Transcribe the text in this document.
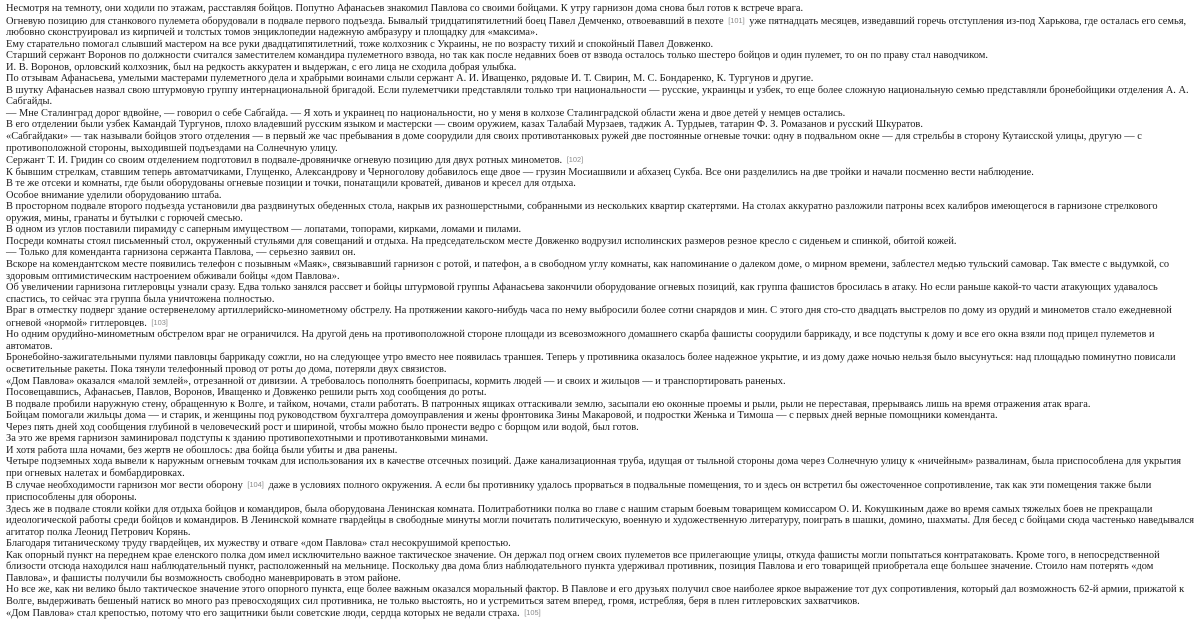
Несмотря на темноту, они ходили по этажам, расставляя бойцов. Попутно Афанасьев знакомил Павлова со своими бойцами. К утру гарнизон дома снова был готов к встрече врага.
Огневую позицию для станкового пулемета оборудовали в подвале первого подъезда. Бывалый тридцатипятилетний боец Павел Демченко, отвоевавший в пехоте [101] уже пятнадцать месяцев, изведавший горечь отступления из-под Харькова, где осталась его семья, любовно сконструировал из кирпичей и толстых томов энциклопедии надежную амбразуру и площадку для «максима».
Ему старательно помогал слывший мастером на все руки двадцатипятилетний, тоже колхозник с Украины, не по возрасту тихий и спокойный Павел Довженко.
Старший сержант Воронов по должности считался заместителем командира пулеметного взвода, но так как после недавних боев от взвода осталось только шестеро бойцов и один пулемет, то он по праву стал наводчиком.
И. В. Воронов, орловский колхозник, был на редкость аккуратен и выдержан, с его лица не сходила добрая улыбка.
По отзывам Афанасьева, умелыми мастерами пулеметного дела и храбрыми воинами слыли сержант А. И. Иващенко, рядовые И. Т. Свирин, М. С. Бондаренко, К. Тургунов и другие.
В шутку Афанасьев назвал свою штурмовую группу интернациональной бригадой. Если пулеметчики представляли только три национальности — русские, украинцы и узбек, то еще более сложную национальную семью представляли бронебойщики отделения А. А. Сабгайды.
— Мне Сталинград дорог вдвойне, — говорил о себе Сабгайда. — Я хоть и украинец по национальности, но у меня в колхозе Сталинградской области жена и двое детей у немцев остались.
В его отделении были узбек Камандай Тургунов, плохо владевший русским языком и мастерски — своим оружием, казах Талабай Мурзаев, таджик А. Турдыев, татарин Ф. З. Ромазанов и русский Шкуратов.
«Сабгайдаки» — так называли бойцов этого отделения — в первый же час пребывания в доме соорудили для своих противотанковых ружей две постоянные огневые точки: одну в подвальном окне — для стрельбы в сторону Кутаисской улицы, другую — с противоположной стороны, выходившей подъездами на Солнечную улицу.
Сержант Т. И. Гридин со своим отделением подготовил в подвале-дровяничке огневую позицию для двух ротных минометов. [102]
К бывшим стрелкам, ставшим теперь автоматчиками, Глущенко, Александрову и Черноголову добавилось еще двое — грузин Мосиашвили и абхазец Сукба. Все они разделились на две тройки и начали посменно вести наблюдение.
В те же отсеки и комнаты, где были оборудованы огневые позиции и точки, понатащили кроватей, диванов и кресел для отдыха.
Особое внимание уделили оборудованию штаба.
В просторном подвале второго подъезда установили два раздвинутых обеденных стола, накрыв их разношерстными, собранными из нескольких квартир скатертями. На столах аккуратно разложили патроны всех калибров имеющегося в гарнизоне стрелкового оружия, мины, гранаты и бутылки с горючей смесью.
В одном из углов поставили пирамиду с саперным имуществом — лопатами, топорами, кирками, ломами и пилами.
Посреди комнаты стоял письменный стол, окруженный стульями для совещаний и отдыха. На председательском месте Довженко водрузил исполинских размеров резное кресло с сиденьем и спинкой, обитой кожей.
— Только для коменданта гарнизона сержанта Павлова, — серьезно заявил он.
Вскоре на комендантском месте появились телефон с позывным «Маяк», связывавший гарнизон с ротой, и патефон, а в свободном углу комнаты, как напоминание о далеком доме, о мирном времени, заблестел медью тульский самовар. Так вместе с выдумкой, со здоровым оптимистическим настроением обживали бойцы «дом Павлова».
Об увеличении гарнизона гитлеровцы узнали сразу. Едва только занялся рассвет и бойцы штурмовой группы Афанасьева закончили оборудование огневых позиций, как группа фашистов бросилась в атаку. Но если раньше какой-то части атакующих удавалось спастись, то сейчас эта группа была уничтожена полностью.
Враг в отместку подверг здание остервенелому артиллерийско-минометному обстрелу. На протяжении какого-нибудь часа по нему выбросили более сотни снарядов и мин. С этого дня сто-сто двадцать выстрелов по дому из орудий и минометов стало ежедневной огневой «нормой» гитлеровцев. [103]
Но одним орудийно-минометным обстрелом враг не ограничился. На другой день на противоположной стороне площади из всевозможного домашнего скарба фашисты соорудили баррикаду, и все подступы к дому и все его окна взяли под прицел пулеметов и автоматов.
Бронебойно-зажигательными пулями павловцы баррикаду сожгли, но на следующее утро вместо нее появилась траншея. Теперь у противника оказалось более надежное укрытие, и из дому даже ночью нельзя было высунуться: над площадью поминутно повисали осветительные ракеты. Пока тянули телефонный провод от роты до дома, потеряли двух связистов.
«Дом Павлова» оказался «малой землей», отрезанной от дивизии. А требовалось пополнять боеприпасы, кормить людей — и своих и жильцов — и транспортировать раненых.
Посовещавшись, Афанасьев, Павлов, Воронов, Иващенко и Довженко решили рыть ход сообщения до роты.
В подвале пробили наружную стену, обращенную к Волге, и тайком, ночами, стали работать. В патронных ящиках оттаскивали землю, засыпали ею оконные проемы и рыли, рыли не переставая, прерываясь лишь на время отражения атак врага.
Бойцам помогали жильцы дома — и старик, и женщины под руководством бухгалтера домоуправления и жены фронтовика Зины Макаровой, и подростки Женька и Тимоша — с первых дней верные помощники коменданта.
Через пять дней ход сообщения глубиной в человеческий рост и шириной, чтобы можно было пронести ведро с борщом или водой, был готов.
За это же время гарнизон заминировал подступы к зданию противопехотными и противотанковыми минами.
И хотя работа шла ночами, без жертв не обошлось: два бойца были убиты и два ранены.
Четыре подземных хода вывели к наружным огневым точкам для использования их в качестве отсечных позиций. Даже канализационная труба, идущая от тыльной стороны дома через Солнечную улицу к «ничейным» развалинам, была приспособлена для укрытия при огневых налетах и бомбардировках.
В случае необходимости гарнизон мог вести оборону [104] даже в условиях полного окружения. А если бы противнику удалось прорваться в подвальные помещения, то и здесь он встретил бы ожесточенное сопротивление, так как эти помещения также были приспособлены для обороны.
Здесь же в подвале стояли койки для отдыха бойцов и командиров, была оборудована Ленинская комната. Политработники полка во главе с нашим старым боевым товарищем комиссаром О. И. Кокушкиным даже во время самых тяжелых боев не прекращали идеологической работы среди бойцов и командиров. В Ленинской комнате гвардейцы в свободные минуты могли почитать политическую, военную и художественную литературу, поиграть в шашки, домино, шахматы. Для бесед с бойцами сюда частенько наведывался агитатор полка Леонид Петрович Корянь.
Благодаря титаническому труду гвардейцев, их мужеству и отваге «дом Павлова» стал несокрушимой крепостью.
Как опорный пункт на переднем крае еленского полка дом имел исключительно важное тактическое значение. Он держал под огнем своих пулеметов все прилегающие улицы, откуда фашисты могли попытаться контратаковать. Кроме того, в непосредственной близости отсюда находился наш наблюдательный пункт, расположенный на мельнице. Поскольку два дома близ наблюдательного пункта удерживал противник, позиция Павлова и его товарищей приобретала еще большее значение. Стоило нам потерять «дом Павлова», и фашисты получили бы возможность свободно маневрировать в этом районе.
Но все же, как ни велико было тактическое значение этого опорного пункта, еще более важным оказался моральный фактор. В Павлове и его друзьях получил свое наиболее яркое выражение тот дух сопротивления, который дал возможность 62-й армии, прижатой к Волге, выдерживать бешеный натиск во много раз превосходящих сил противника, не только выстоять, но и устремиться затем вперед, громя, истребляя, беря в плен гитлеровских захватчиков.
«Дом Павлова» стал крепостью, потому что его защитники были советские люди, сердца которых не ведали страха. [105]
